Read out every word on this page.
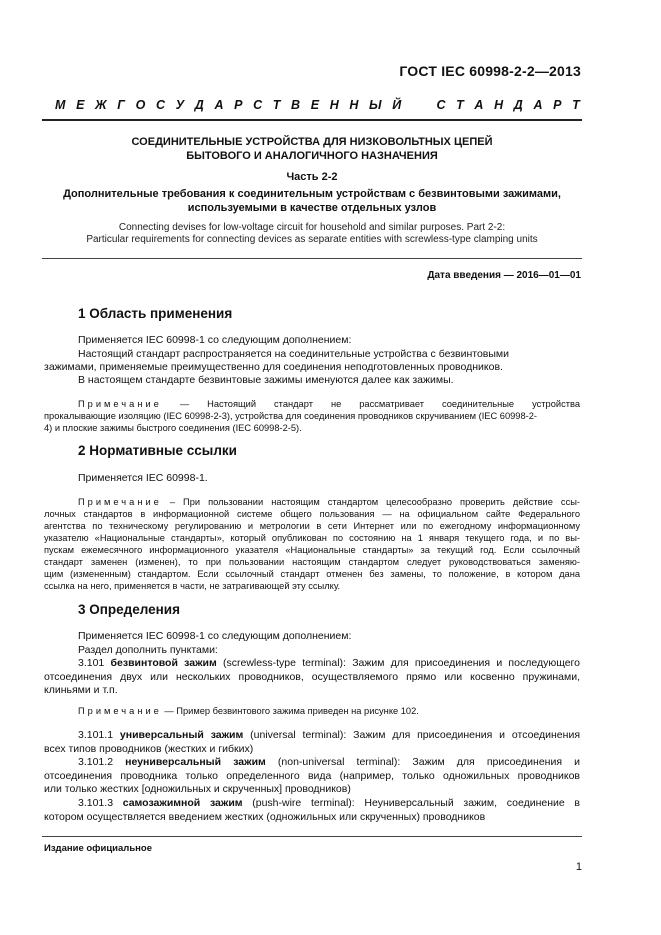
ГОСТ IEC 60998-2-2—2013
М Е Ж Г О С У Д А Р С Т В Е Н Н Ы Й	С Т А Н Д А Р Т
СОЕДИНИТЕЛЬНЫЕ УСТРОЙСТВА ДЛЯ НИЗКОВОЛЬТНЫХ ЦЕПЕЙ
БЫТОВОГО И АНАЛОГИЧНОГО НАЗНАЧЕНИЯ
Часть 2-2
Дополнительные требования к соединительным устройствам с безвинтовыми зажимами,
используемыми в качестве отдельных узлов
Connecting devises for low-voltage circuit for household and similar purposes. Part 2-2:
Particular requirements for connecting devices as separate entities with screwless-type clamping units
Дата введения — 2016—01—01
1 Область применения

Применяется IEC 60998-1 со следующим дополнением:

Настоящий стандарт распространяется на соединительные устройства с безвинтовыми

зажимами, применяемые преимущественно для соединения неподготовленных проводников.

В настоящем стандарте безвинтовые зажимы именуются далее как зажимы.

Примечание — Настоящий стандарт не рассматривает соединительные устройства
прокалывающие изоляцию (IEC 60998-2-3), устройства для соединения проводников скручиванием (IEC 60998-2-
4) и плоские зажимы быстрого соединения (IEC 60998-2-5).
2 Нормативные ссылки

Применяется IEC 60998-1.

Примечание – При пользовании настоящим стандартом целесообразно проверить действие ссы-
лочных стандартов в информационной системе общего пользования — на официальном сайте Федерального
агентства по техническому регулированию и метрологии в сети Интернет или по ежегодному информационному
указателю «Национальные стандарты», который опубликован по состоянию на 1 января текущего года, и по вы-
пускам ежемесячного информационного указателя «Национальные стандарты» за текущий год. Если ссылочный
стандарт заменен (изменен), то при пользовании настоящим стандартом следует руководствоваться заменяю-
щим (измененным) стандартом. Если ссылочный стандарт отменен без замены, то положение, в котором дана
ссылка на него, применяется в части, не затрагивающей эту ссылку.
3 Определения

Применяется IEC 60998-1 со следующим дополнением:

Раздел дополнить пунктами:

3.101 безвинтовой зажим (screwless-type terminal): Зажим для присоединения и последующего
отсоединения двух или нескольких проводников, осуществляемого прямо или косвенно пружинами,
клиньями и т.п.
Примечание — Пример безвинтового зажима приведен на рисунке 102.
3.101.1 универсальный зажим (universal terminal): Зажим для присоединения и отсоединения
всех типов проводников (жестких и гибких)
3.101.2 неуниверсальный зажим (non-universal terminal): Зажим для присоединения и
отсоединения проводника только определенного вида (например, только одножильных проводников
или только жестких [одножильных и скрученных] проводников)
3.101.3 самозажимной зажим (push-wire terminal): Неуниверсальный зажим, соединение в
котором осуществляется введением жестких (одножильных или скрученных) проводников
Издание официальное
1
